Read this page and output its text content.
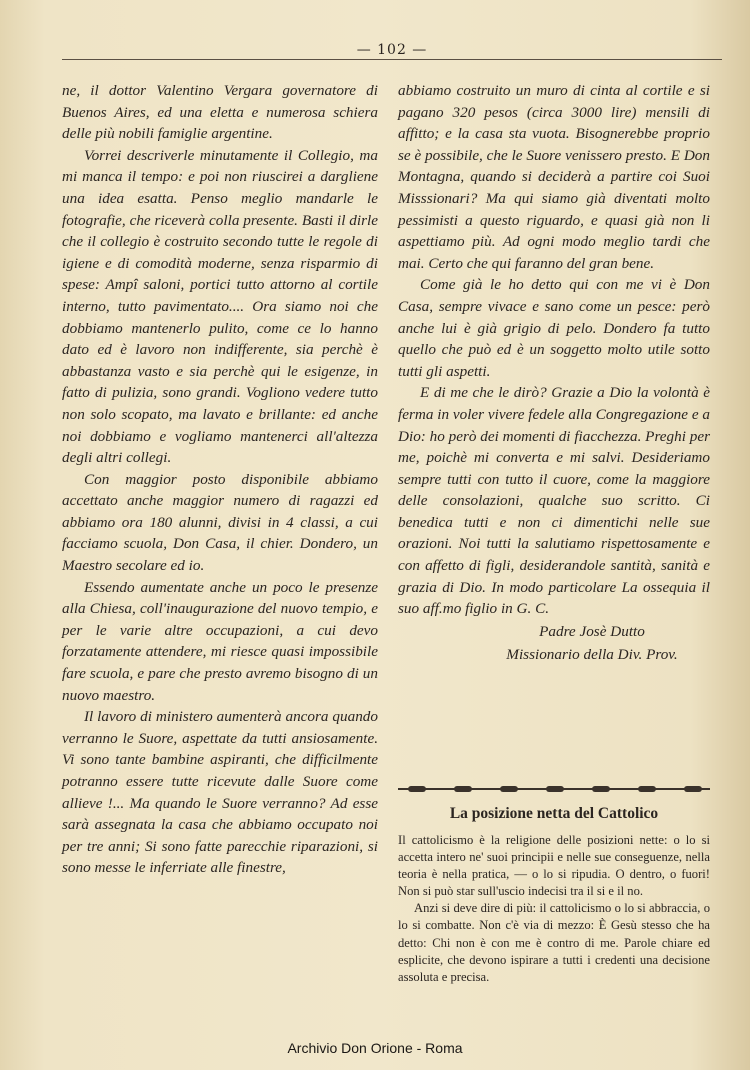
— 102 —

ne, il dottor Valentino Vergara governatore di Buenos Aires, ed una eletta e numerosa schiera delle più nobili famiglie argentine.

Vorrei descriverle minutamente il Collegio, ma mi manca il tempo: e poi non riuscirei a dargliene una idea esatta. Penso meglio mandarle le fotografie, che riceverà colla presente. Basti il dirle che il collegio è costruito secondo tutte le regole di igiene e di comodità moderne, senza risparmio di spese: Ampî saloni, portici tutto attorno al cortile interno, tutto pavimentato.... Ora siamo noi che dobbiamo mantenerlo pulito, come ce lo hanno dato ed è lavoro non indifferente, sia perchè è abbastanza vasto e sia perchè qui le esigenze, in fatto di pulizia, sono grandi. Vogliono vedere tutto non solo scopato, ma lavato e brillante: ed anche noi dobbiamo e vogliamo mantenerci all'altezza degli altri collegi.

Con maggior posto disponibile abbiamo accettato anche maggior numero di ragazzi ed abbiamo ora 180 alunni, divisi in 4 classi, a cui facciamo scuola, Don Casa, il chier. Dondero, un Maestro secolare ed io.

Essendo aumentate anche un poco le presenze alla Chiesa, coll'inaugurazione del nuovo tempio, e per le varie altre occupazioni, a cui devo forzatamente attendere, mi riesce quasi impossibile fare scuola, e pare che presto avremo bisogno di un nuovo maestro.

Il lavoro di ministero aumenterà ancora quando verranno le Suore, aspettate da tutti ansiosamente. Vi sono tante bambine aspiranti, che difficilmente potranno essere tutte ricevute dalle Suore come allieve !... Ma quando le Suore verranno? Ad esse sarà assegnata la casa che abbiamo occupato noi per tre anni; Si sono fatte parecchie riparazioni, si sono messe le inferriate alle finestre,

abbiamo costruito un muro di cinta al cortile e si pagano 320 pesos (circa 3000 lire) mensili di affitto; e la casa sta vuota. Bisognerebbe proprio se è possibile, che le Suore venissero presto. E Don Montagna, quando si deciderà a partire coi Suoi Misssionari? Ma qui siamo già diventati molto pessimisti a questo riguardo, e quasi già non li aspettiamo più. Ad ogni modo meglio tardi che mai. Certo che qui faranno del gran bene.

Come già le ho detto qui con me vi è Don Casa, sempre vivace e sano come un pesce: però anche lui è già grigio di pelo. Dondero fa tutto quello che può ed è un soggetto molto utile sotto tutti gli aspetti.

E di me che le dirò? Grazie a Dio la volontà è ferma in voler vivere fedele alla Congregazione e a Dio: ho però dei momenti di fiacchezza. Preghi per me, poichè mi converta e mi salvi. Desideriamo sempre tutti con tutto il cuore, come la maggiore delle consolazioni, qualche suo scritto. Ci benedica tutti e non ci dimentichi nelle sue orazioni. Noi tutti la salutiamo rispettosamente e con affetto di figli, desiderandole santità, sanità e grazia di Dio. In modo particolare La ossequia il suo aff.mo figlio in G. C.

Padre Josè Dutto
Missionario della Div. Prov.
La posizione netta del Cattolico

Il cattolicismo è la religione delle posizioni nette: o lo si accetta intero ne' suoi principii e nelle sue conseguenze, nella teoria è nella pratica, — o lo si ripudia. O dentro, o fuori! Non si può star sull'uscio indecisi tra il si e il no.

Anzi si deve dire di più: il cattolicismo o lo si abbraccia, o lo si combatte. Non c'è via di mezzo: È Gesù stesso che ha detto: Chi non è con me è contro di me. Parole chiare ed esplicite, che devono ispirare a tutti i credenti una decisione assoluta e precisa.

Archivio Don Orione - Roma
